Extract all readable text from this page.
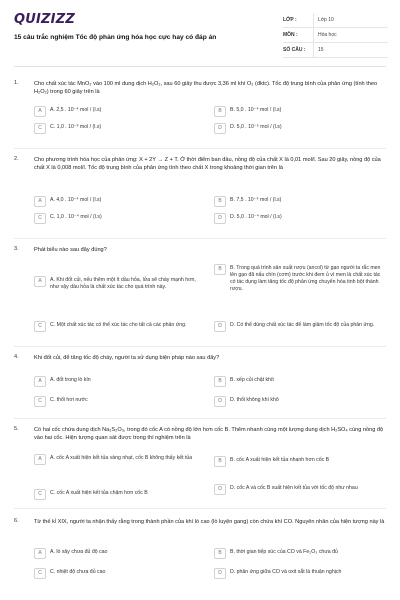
QUIZIZZ
15 câu trắc nghiệm Tốc độ phản ứng hóa học cực hay có đáp án
LỚP :	Lớp 10
MÔN :	Hóa học
SỐ CÂU :	15
1.	Cho chất xúc tác MnO₂ vào 100 ml dung dịch H₂O₂, sau 60 giây thu được 3,36 ml khí O₂ (đktc). Tốc độ trung bình của phản ứng (tính theo H₂O₂) trong 60 giây trên là
A	A. 2,5 . 10⁻⁴ mol / (l.s)	B	B. 5,0 . 10⁻⁴ mol / (l.s)
C	C. 1,0 . 10⁻³ mol / (l.s)	D	D. 5,0 . 10⁻⁵ mol / (l.s)
2.	Cho phương trình hóa học của phản ứng: X + 2Y → Z + T. Ở thời điểm ban đầu, nồng độ của chất X là 0,01 mol/l. Sau 20 giây, nồng độ của chất X là 0,008 mol/l. Tốc độ trung bình của phản ứng tính theo chất X trong khoảng thời gian trên là
A	A. 4,0 . 10⁻⁴ mol / (l.s)	B	B. 7,5 . 10⁻⁴ mol / (l.s)
C	C. 1,0 . 10⁻⁴ mol / (l.s)	D	D. 5,0 . 10⁻⁴ mol / (l.s)
3.	Phát biểu nào sau đây đúng?
A	A. Khi đốt củi, nếu thêm một ít dầu hỏa, lửa sẽ cháy mạnh hơn, như vậy dầu hỏa là chất xúc tác cho quá trình này.
B	B. Trong quá trình sản xuất rượu (ancol) từ gạo người ta rắc men lên gạo đã nấu chín (cơm) trước khi đem ủ vì men là chất xúc tác có tác dụng làm tăng tốc độ phản ứng chuyển hóa tinh bột thành rượu.
C	C. Một chất xúc tác có thể xúc tác cho tất cả các phản ứng.	D	D. Có thể dùng chất xúc tác để làm giảm tốc độ của phản ứng.
4.	Khi đốt củi, để tăng tốc độ cháy, người ta sử dụng biện pháp nào sau đây?
A	A. đốt trong lò kín	B	B. xếp củi chặt khít
C	C. thổi hơi nước	D	D. thổi không khí khô
5.	Có hai cốc chứa dung dịch Na₂S₂O₃, trong đó cốc A có nồng độ lớn hơn cốc B. Thêm nhanh cùng một lượng dung dịch H₂SO₄ cùng nồng độ vào hai cốc. Hiện tượng quan sát được trong thí nghiệm trên là
A	A. cốc A xuất hiện kết tủa vàng nhạt, cốc B không thấy kết tủa	B	B. cốc A xuất hiện kết tủa nhanh hơn cốc B
C	C. cốc A xuất hiện kết tủa chậm hơn cốc B
D	D. cốc A và cốc B xuất hiện kết tủa với tốc độ như nhau
6.	Từ thế kỉ XIX, người ta nhận thấy rằng trong thành phần của khí lò cao (lò luyện gang) còn chứa khí CO. Nguyên nhân của hiện tượng này là
A	A. lò xây chưa đủ độ cao	B	B. thời gian tiếp xúc của CO và Fe₂O₃ chưa đủ
C	C. nhiệt độ chưa đủ cao	D	D. phản ứng giữa CO và oxit sắt là thuận nghịch
